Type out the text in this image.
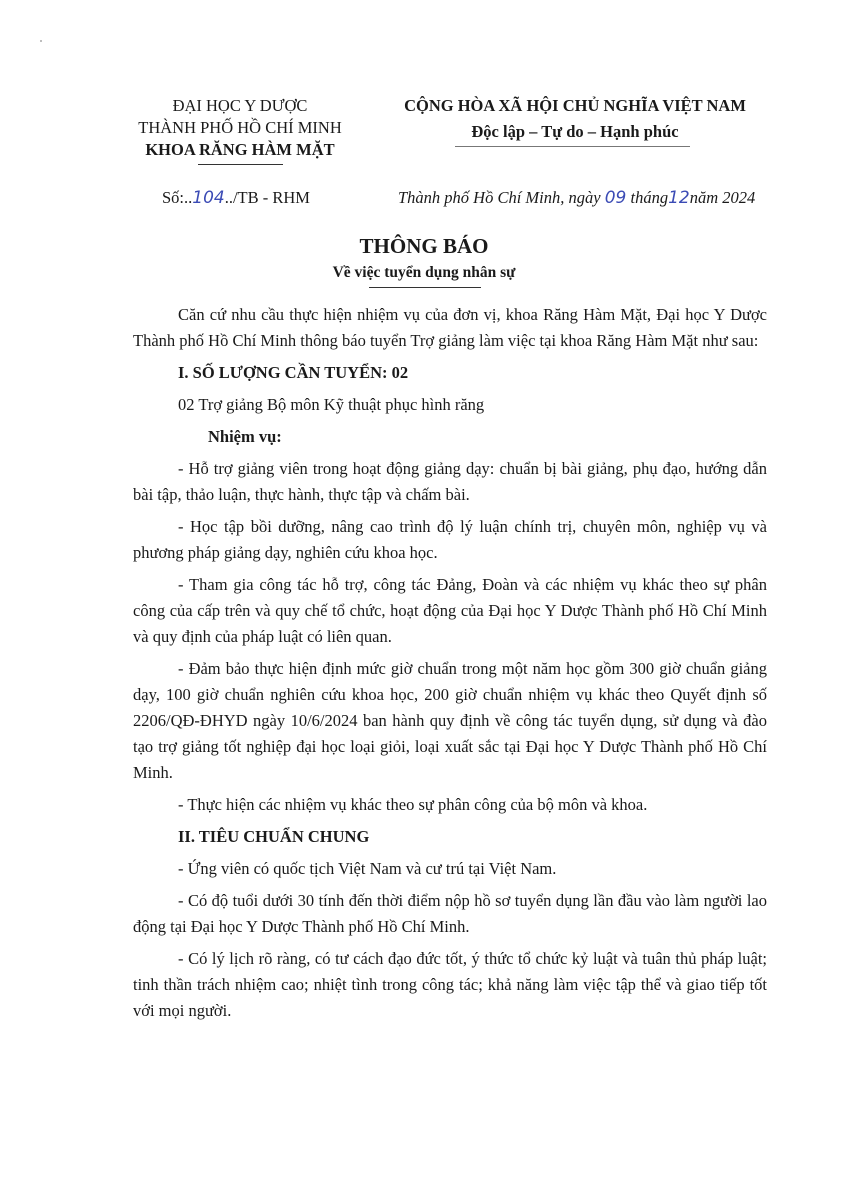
ĐẠI HỌC Y DƯỢC
THÀNH PHỐ HỒ CHÍ MINH
KHOA RĂNG HÀM MẶT
CỘNG HÒA XÃ HỘI CHỦ NGHĨA VIỆT NAM
Độc lập – Tự do – Hạnh phúc
Số:..104../TB - RHM	Thành phố Hồ Chí Minh, ngày 09 tháng12năm 2024
THÔNG BÁO
Về việc tuyển dụng nhân sự

Căn cứ nhu cầu thực hiện nhiệm vụ của đơn vị, khoa Răng Hàm Mặt, Đại học Y Dược Thành phố Hồ Chí Minh thông báo tuyển Trợ giảng làm việc tại khoa Răng Hàm Mặt như sau:

I. SỐ LƯỢNG CẦN TUYỂN: 02

02 Trợ giảng Bộ môn Kỹ thuật phục hình răng

Nhiệm vụ:

- Hỗ trợ giảng viên trong hoạt động giảng dạy: chuẩn bị bài giảng, phụ đạo, hướng dẫn bài tập, thảo luận, thực hành, thực tập và chấm bài.

- Học tập bồi dưỡng, nâng cao trình độ lý luận chính trị, chuyên môn, nghiệp vụ và phương pháp giảng dạy, nghiên cứu khoa học.

- Tham gia công tác hỗ trợ, công tác Đảng, Đoàn và các nhiệm vụ khác theo sự phân công của cấp trên và quy chế tổ chức, hoạt động của Đại học Y Dược Thành phố Hồ Chí Minh và quy định của pháp luật có liên quan.

- Đảm bảo thực hiện định mức giờ chuẩn trong một năm học gồm 300 giờ chuẩn giảng dạy, 100 giờ chuẩn nghiên cứu khoa học, 200 giờ chuẩn nhiệm vụ khác theo Quyết định số 2206/QĐ-ĐHYD ngày 10/6/2024 ban hành quy định về công tác tuyển dụng, sử dụng và đào tạo trợ giảng tốt nghiệp đại học loại giỏi, loại xuất sắc tại Đại học Y Dược Thành phố Hồ Chí Minh.

- Thực hiện các nhiệm vụ khác theo sự phân công của bộ môn và khoa.

II. TIÊU CHUẨN CHUNG

- Ứng viên có quốc tịch Việt Nam và cư trú tại Việt Nam.

- Có độ tuổi dưới 30 tính đến thời điểm nộp hồ sơ tuyển dụng lần đầu vào làm người lao động tại Đại học Y Dược Thành phố Hồ Chí Minh.

- Có lý lịch rõ ràng, có tư cách đạo đức tốt, ý thức tổ chức kỷ luật và tuân thủ pháp luật; tinh thần trách nhiệm cao; nhiệt tình trong công tác; khả năng làm việc tập thể và giao tiếp tốt với mọi người.
